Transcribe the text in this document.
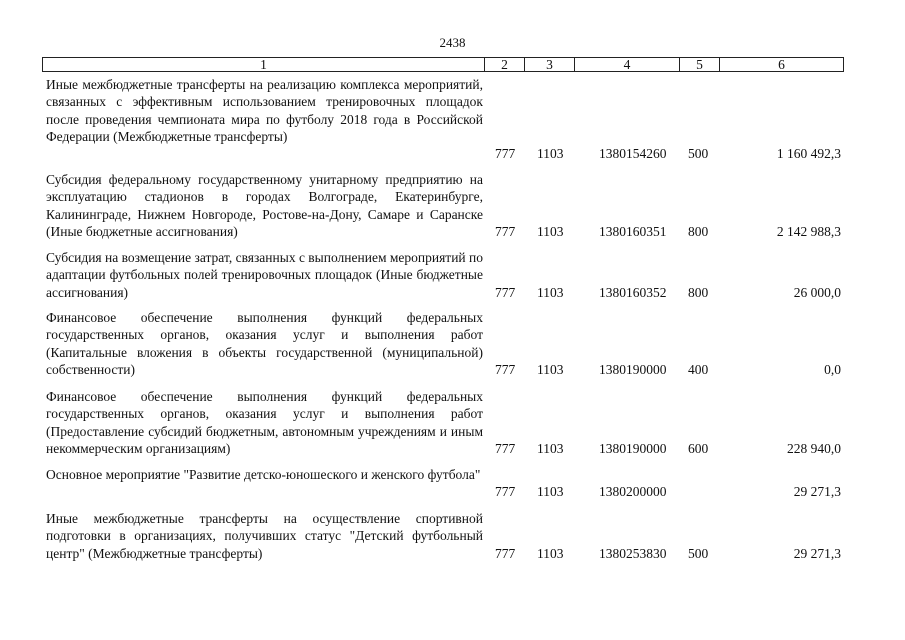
2438
1	2	3	4	5	6
Иные межбюджетные трансферты на реализацию комплекса мероприятий, связанных с эффективным использованием тренировочных площадок после проведения чемпионата мира по футболу 2018 года в Российской Федерации (Межбюджетные трансферты)
777 1103	1380154260 500	1 160 492,3
Субсидия федеральному государственному унитарному предприятию на эксплуатацию стадионов в городах Волгограде, Екатеринбурге, Калининграде, Нижнем Новгороде, Ростове-на-Дону, Самаре и Саранске (Иные бюджетные ассигнования)	777 1103	1380160351 800	2 142 988,3
Субсидия на возмещение затрат, связанных с выполнением мероприятий по адаптации футбольных полей тренировочных площадок (Иные бюджетные ассигнования)	777 1103	1380160352 800	26 000,0
Финансовое обеспечение выполнения функций федеральных государственных органов, оказания услуг и выполнения работ (Капитальные вложения в объекты государственной (муниципальной) собственности)	777 1103	1380190000 400	0,0
Финансовое обеспечение выполнения функций федеральных государственных органов, оказания услуг и выполнения работ (Предоставление субсидий бюджетным, автономным учреждениям и иным некоммерческим организациям)	777 1103	1380190000 600	228 940,0
Основное мероприятие "Развитие детско-юношеского и женского футбола"
777 1103	1380200000	29 271,3
Иные межбюджетные трансферты на осуществление спортивной подготовки в организациях, получивших статус "Детский футбольный центр" (Межбюджетные трансферты)	777 1103	1380253830 500	29 271,3
